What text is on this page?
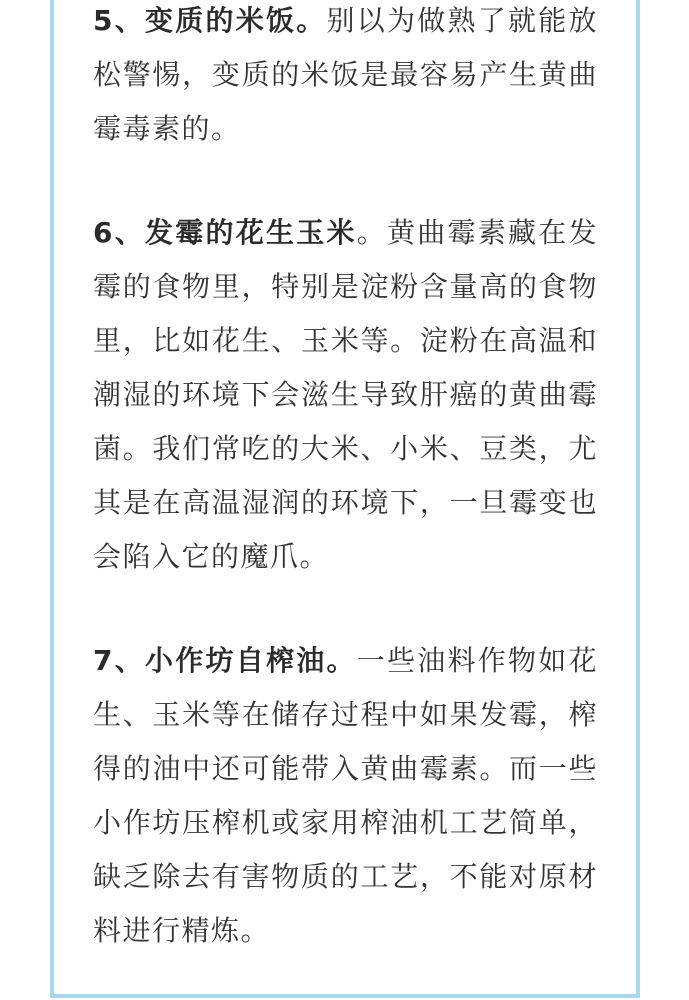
5、变质的米饭。别以为做熟了就能放松警惕，变质的米饭是最容易产生黄曲霉毒素的。

6、发霉的花生玉米。黄曲霉素藏在发霉的食物里，特别是淀粉含量高的食物里，比如花生、玉米等。淀粉在高温和潮湿的环境下会滋生导致肝癌的黄曲霉菌。我们常吃的大米、小米、豆类，尤其是在高温湿润的环境下，一旦霉变也会陷入它的魔爪。

7、小作坊自榨油。一些油料作物如花生、玉米等在储存过程中如果发霉，榨得的油中还可能带入黄曲霉素。而一些小作坊压榨机或家用榨油机工艺简单，缺乏除去有害物质的工艺，不能对原材料进行精炼。
